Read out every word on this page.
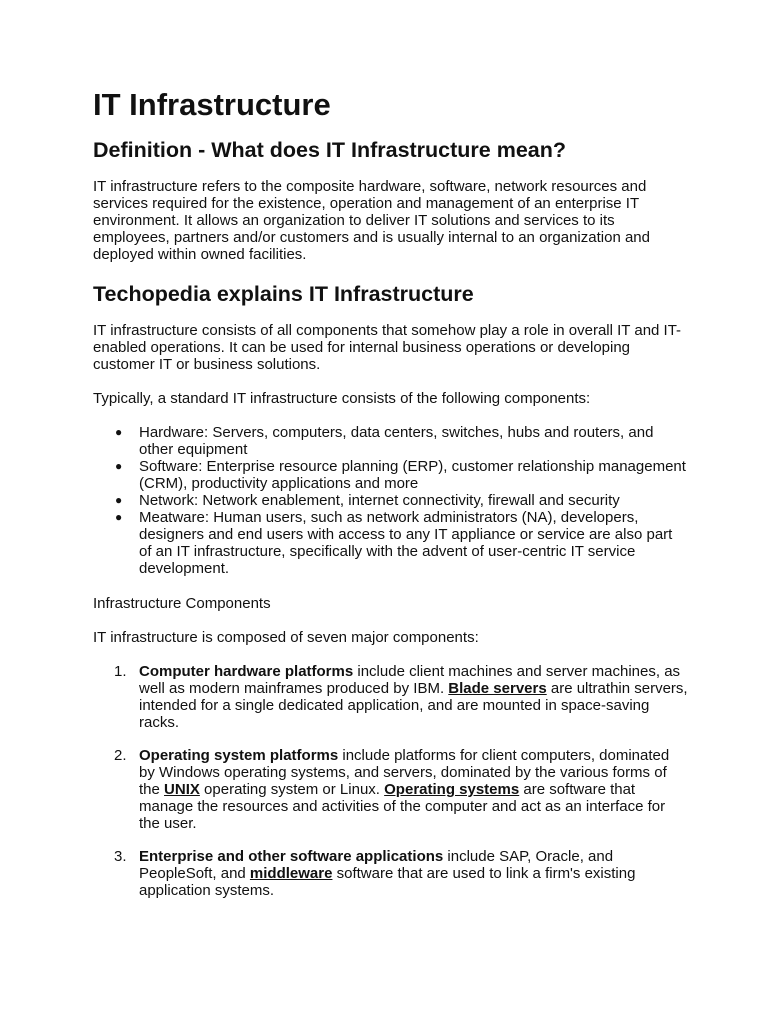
IT Infrastructure
Definition - What does IT Infrastructure mean?

IT infrastructure refers to the composite hardware, software, network resources and services required for the existence, operation and management of an enterprise IT environment. It allows an organization to deliver IT solutions and services to its employees, partners and/or customers and is usually internal to an organization and deployed within owned facilities.

Techopedia explains IT Infrastructure

IT infrastructure consists of all components that somehow play a role in overall IT and IT-enabled operations. It can be used for internal business operations or developing customer IT or business solutions.

Typically, a standard IT infrastructure consists of the following components:

● Hardware: Servers, computers, data centers, switches, hubs and routers, and other equipment
● Software: Enterprise resource planning (ERP), customer relationship management (CRM), productivity applications and more
● Network: Network enablement, internet connectivity, firewall and security
● Meatware: Human users, such as network administrators (NA), developers, designers and end users with access to any IT appliance or service are also part of an IT infrastructure, specifically with the advent of user-centric IT service development.

Infrastructure Components

IT infrastructure is composed of seven major components:

1. Computer hardware platforms include client machines and server machines, as well as modern mainframes produced by IBM. Blade servers are ultrathin servers, intended for a single dedicated application, and are mounted in space-saving racks.
2. Operating system platforms include platforms for client computers, dominated by Windows operating systems, and servers, dominated by the various forms of the UNIX operating system or Linux. Operating systems are software that manage the resources and activities of the computer and act as an interface for the user.
3. Enterprise and other software applications include SAP, Oracle, and PeopleSoft, and middleware software that are used to link a firm's existing application systems.
